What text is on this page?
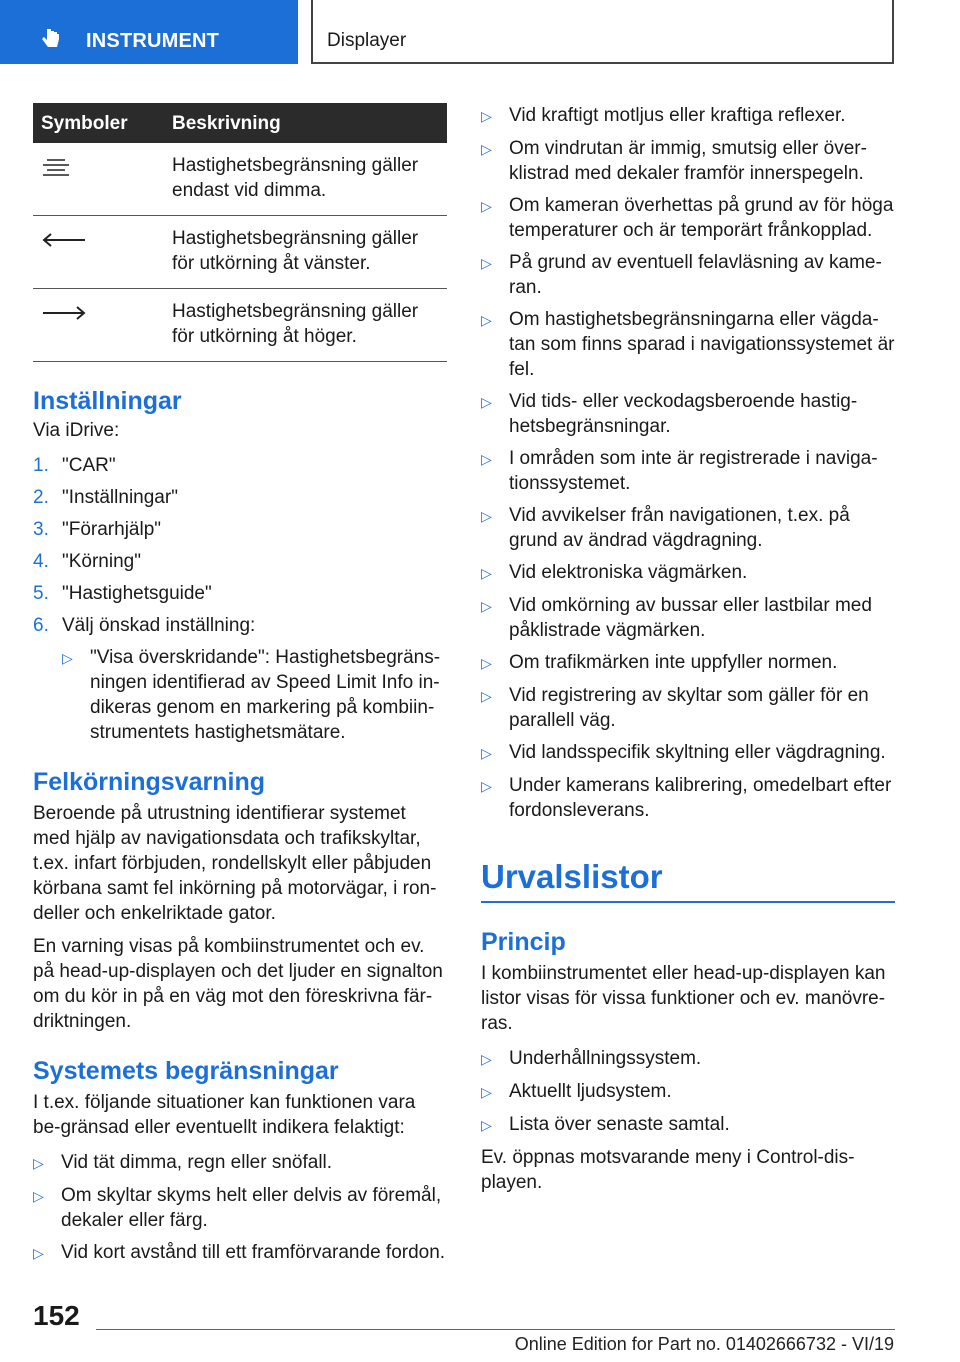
INSTRUMENT	Displayer
Symboler	Beskrivning
	Hastighetsbegränsning gäller endast vid dimma.
	Hastighetsbegränsning gäller för utkörning åt vänster.
	Hastighetsbegränsning gäller för utkörning åt höger.
Inställningar

Via iDrive:

1. "CAR"
2. "Inställningar"
3. "Förarhjälp"
4. "Körning"
5. "Hastighetsguide"
6. Välj önskad inställning:
▷ "Visa överskridande": Hastighetsbegräns-ningen identifierad av Speed Limit Info in-dikeras genom en markering på kombiin-strumentets hastighetsmätare.
Felkörningsvarning

Beroende på utrustning identifierar systemet med hjälp av navigationsdata och trafikskyltar, t.ex. infart förbjuden, rondellskylt eller påbjuden körbana samt fel inkörning på motorvägar, i ron-deller och enkelriktade gator.

En varning visas på kombiinstrumentet och ev. på head-up-displayen och det ljuder en signalton om du kör in på en väg mot den föreskrivna fär-driktningen.

Systemets begränsningar

I t.ex. följande situationer kan funktionen vara be-gränsad eller eventuellt indikera felaktigt:

▷ Vid tät dimma, regn eller snöfall.
▷ Om skyltar skyms helt eller delvis av föremål, dekaler eller färg.
▷ Vid kort avstånd till ett framförvarande fordon.
▷ Vid kraftigt motljus eller kraftiga reflexer.
▷ Om vindrutan är immig, smutsig eller över-klistrad med dekaler framför innerspegeln.
▷ Om kameran överhettas på grund av för höga temperaturer och är temporärt frånkopplad.
▷ På grund av eventuell felavläsning av kame-ran.
▷ Om hastighetsbegränsningarna eller vägda-tan som finns sparad i navigationssystemet är fel.
▷ Vid tids- eller veckodagsberoende hastig-hetsbegränsningar.
▷ I områden som inte är registrerade i naviga-tionssystemet.
▷ Vid avvikelser från navigationen, t.ex. på grund av ändrad vägdragning.
▷ Vid elektroniska vägmärken.
▷ Vid omkörning av bussar eller lastbilar med påklistrade vägmärken.
▷ Om trafikmärken inte uppfyller normen.
▷ Vid registrering av skyltar som gäller för en parallell väg.
▷ Vid landsspecifik skyltning eller vägdragning.
▷ Under kamerans kalibrering, omedelbart efter fordonsleverans.
Urvalslistor
Princip

I kombiinstrumentet eller head-up-displayen kan listor visas för vissa funktioner och ev. manövre-ras.

▷ Underhållningssystem.
▷ Aktuellt ljudsystem.
▷ Lista över senaste samtal.

Ev. öppnas motsvarande meny i Control-dis-playen.

152
Online Edition for Part no. 01402666732 - VI/19
